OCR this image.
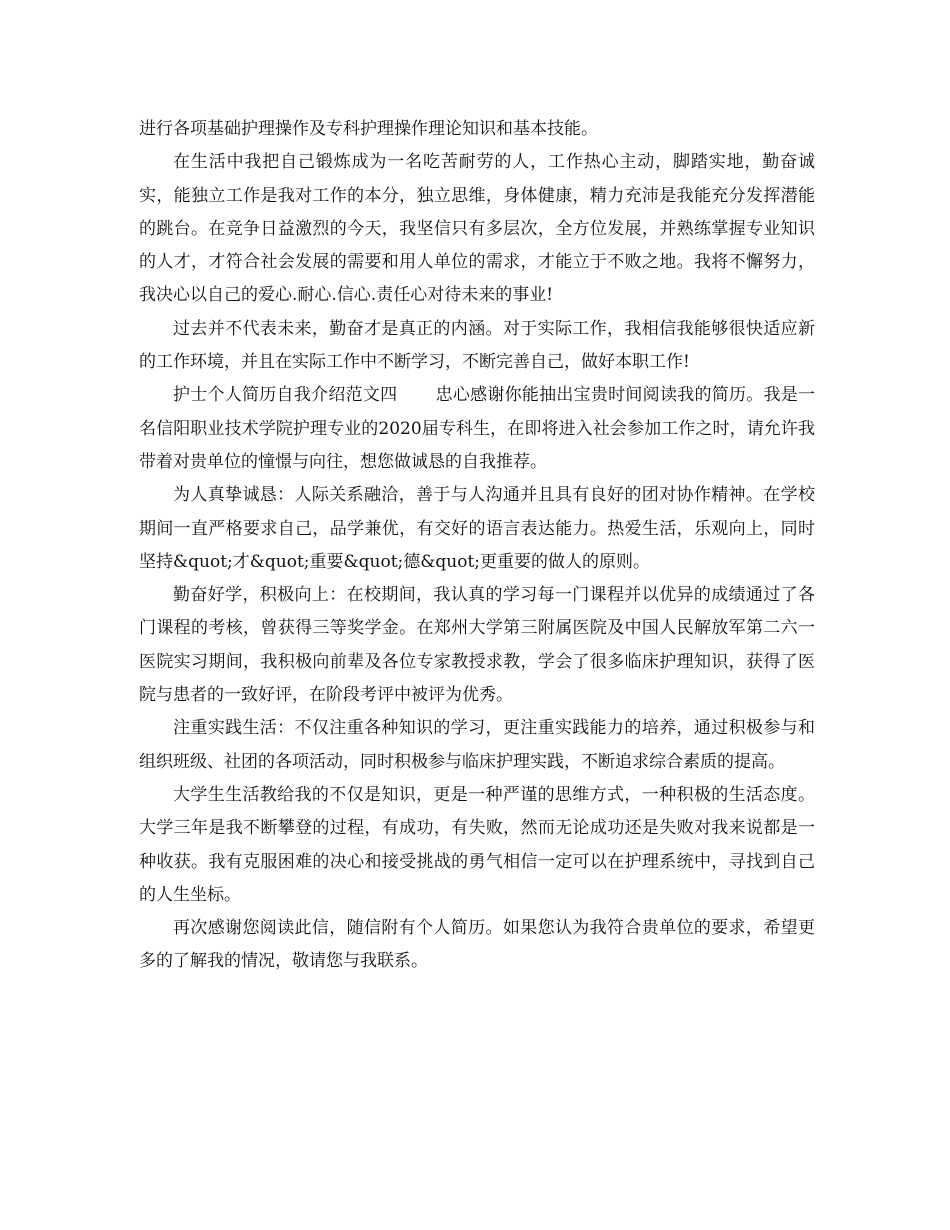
进行各项基础护理操作及专科护理操作理论知识和基本技能。

在生活中我把自己锻炼成为一名吃苦耐劳的人，工作热心主动，脚踏实地，勤奋诚实，能独立工作是我对工作的本分，独立思维，身体健康，精力充沛是我能充分发挥潜能的跳台。在竞争日益激烈的今天，我坚信只有多层次，全方位发展，并熟练掌握专业知识的人才，才符合社会发展的需要和用人单位的需求，才能立于不败之地。我将不懈努力，我决心以自己的爱心.耐心.信心.责任心对待未来的事业!

过去并不代表未来，勤奋才是真正的内涵。对于实际工作，我相信我能够很快适应新的工作环境，并且在实际工作中不断学习，不断完善自己，做好本职工作!

护士个人简历自我介绍范文四 忠心感谢你能抽出宝贵时间阅读我的简历。我是一名信阳职业技术学院护理专业的2020届专科生，在即将进入社会参加工作之时，请允许我带着对贵单位的憧憬与向往，想您做诚恳的自我推荐。

为人真挚诚恳：人际关系融洽，善于与人沟通并且具有良好的团对协作精神。在学校期间一直严格要求自己，品学兼优，有交好的语言表达能力。热爱生活，乐观向上，同时坚持&quot;才&quot;重要&quot;德&quot;更重要的做人的原则。

勤奋好学，积极向上：在校期间，我认真的学习每一门课程并以优异的成绩通过了各门课程的考核，曾获得三等奖学金。在郑州大学第三附属医院及中国人民解放军第二六一医院实习期间，我积极向前辈及各位专家教授求教，学会了很多临床护理知识，获得了医院与患者的一致好评，在阶段考评中被评为优秀。

注重实践生活：不仅注重各种知识的学习，更注重实践能力的培养，通过积极参与和组织班级、社团的各项活动，同时积极参与临床护理实践，不断追求综合素质的提高。

大学生生活教给我的不仅是知识，更是一种严谨的思维方式，一种积极的生活态度。大学三年是我不断攀登的过程，有成功，有失败，然而无论成功还是失败对我来说都是一种收获。我有克服困难的决心和接受挑战的勇气相信一定可以在护理系统中，寻找到自己的人生坐标。

再次感谢您阅读此信，随信附有个人简历。如果您认为我符合贵单位的要求，希望更多的了解我的情况，敬请您与我联系。
